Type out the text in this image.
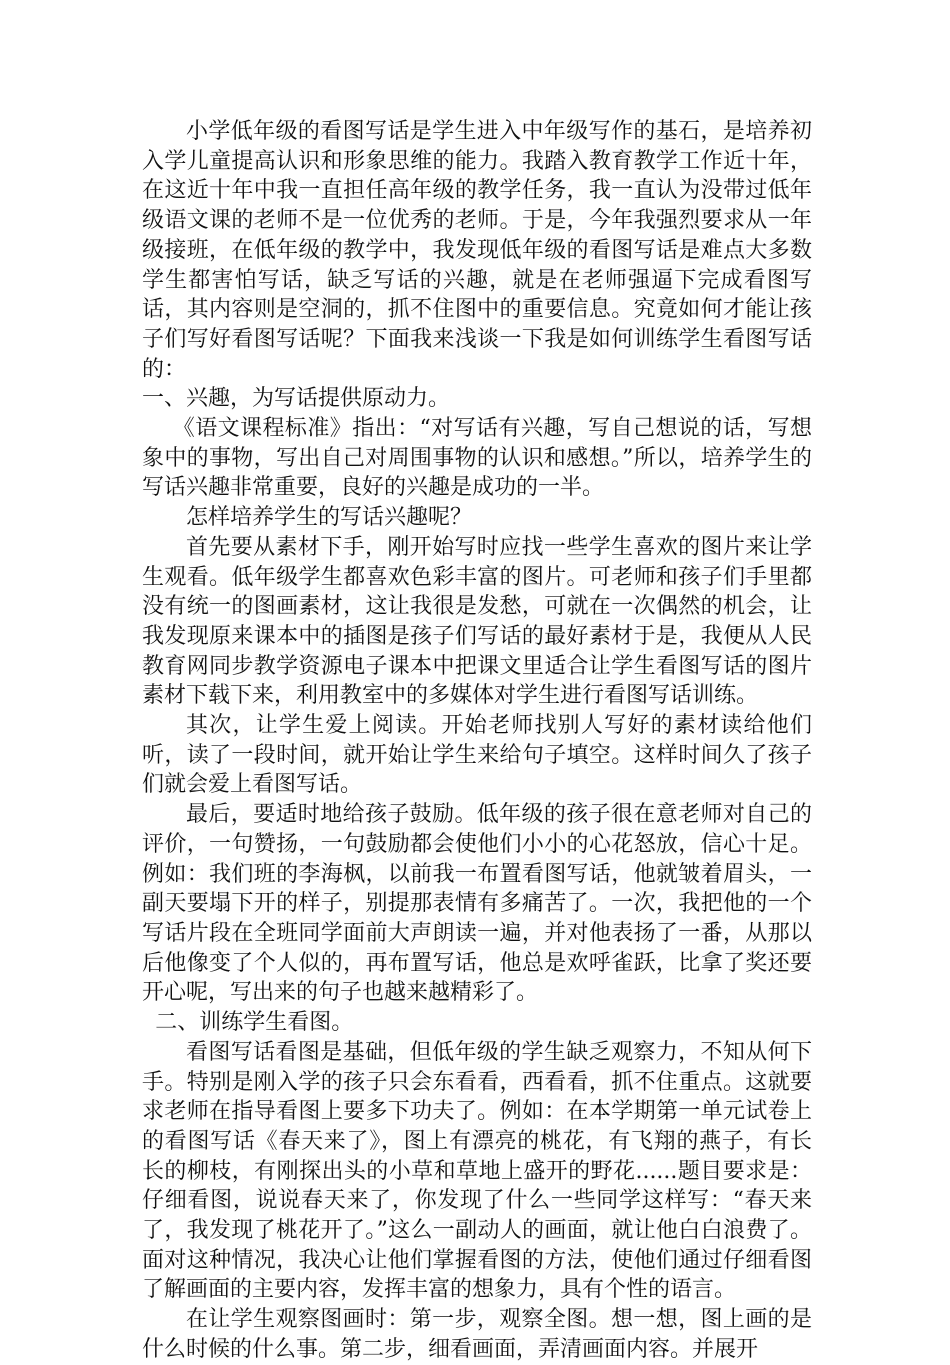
小学低年级的看图写话是学生进入中年级写作的基石，是培养初入学儿童提高认识和形象思维的能力。我踏入教育教学工作近十年，在这近十年中我一直担任高年级的教学任务，我一直认为没带过低年级语文课的老师不是一位优秀的老师。于是，今年我强烈要求从一年级接班，在低年级的教学中，我发现低年级的看图写话是难点大多数学生都害怕写话，缺乏写话的兴趣，就是在老师强逼下完成看图写话，其内容则是空洞的，抓不住图中的重要信息。究竟如何才能让孩子们写好看图写话呢？下面我来浅谈一下我是如何训练学生看图写话的：

一、兴趣，为写话提供原动力。

《语文课程标准》指出：“对写话有兴趣，写自己想说的话，写想象中的事物，写出自己对周围事物的认识和感想。”所以，培养学生的写话兴趣非常重要，良好的兴趣是成功的一半。

怎样培养学生的写话兴趣呢？

首先要从素材下手，刚开始写时应找一些学生喜欢的图片来让学生观看。低年级学生都喜欢色彩丰富的图片。可老师和孩子们手里都没有统一的图画素材，这让我很是发愁，可就在一次偶然的机会，让我发现原来课本中的插图是孩子们写话的最好素材于是，我便从人民教育网同步教学资源电子课本中把课文里适合让学生看图写话的图片素材下载下来，利用教室中的多媒体对学生进行看图写话训练。

其次，让学生爱上阅读。开始老师找别人写好的素材读给他们听，读了一段时间，就开始让学生来给句子填空。这样时间久了孩子们就会爱上看图写话。

最后，要适时地给孩子鼓励。低年级的孩子很在意老师对自己的评价，一句赞扬，一句鼓励都会使他们小小的心花怒放，信心十足。例如：我们班的李海枫，以前我一布置看图写话，他就皱着眉头，一副天要塌下开的样子，别提那表情有多痛苦了。一次，我把他的一个写话片段在全班同学面前大声朗读一遍，并对他表扬了一番，从那以后他像变了个人似的，再布置写话，他总是欢呼雀跃，比拿了奖还要开心呢，写出来的句子也越来越精彩了。

二、训练学生看图。

看图写话看图是基础，但低年级的学生缺乏观察力，不知从何下手。特别是刚入学的孩子只会东看看，西看看，抓不住重点。这就要求老师在指导看图上要多下功夫了。例如：在本学期第一单元试卷上的看图写话《春天来了》，图上有漂亮的桃花，有飞翔的燕子，有长长的柳枝，有刚探出头的小草和草地上盛开的野花......题目要求是：仔细看图，说说春天来了，你发现了什么一些同学这样写：“春天来了，我发现了桃花开了。”这么一副动人的画面，就让他白白浪费了。面对这种情况，我决心让他们掌握看图的方法，使他们通过仔细看图了解画面的主要内容，发挥丰富的想象力，具有个性的语言。

在让学生观察图画时：第一步，观察全图。想一想，图上画的是什么时候的什么事。第二步，细看画面，弄清画面内容。并展开
